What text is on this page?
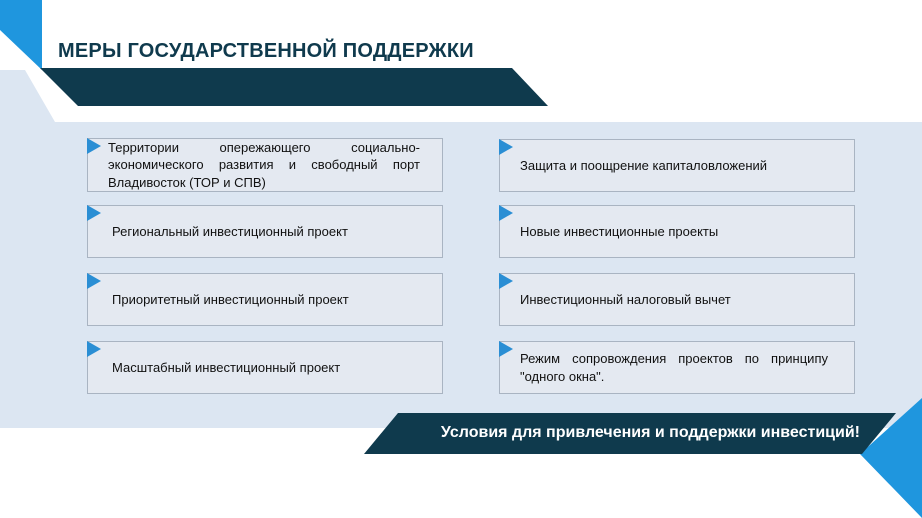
МЕРЫ ГОСУДАРСТВЕННОЙ ПОДДЕРЖКИ
Территории опережающего социально-экономического развития и свободный порт Владивосток (ТОР и СПВ)
Региональный инвестиционный проект
Приоритетный инвестиционный проект
Масштабный инвестиционный проект
Защита и поощрение капиталовложений
Новые инвестиционные проекты
Инвестиционный налоговый вычет
Режим сопровождения проектов по принципу "одного окна".
Условия для привлечения и поддержки инвестиций!
